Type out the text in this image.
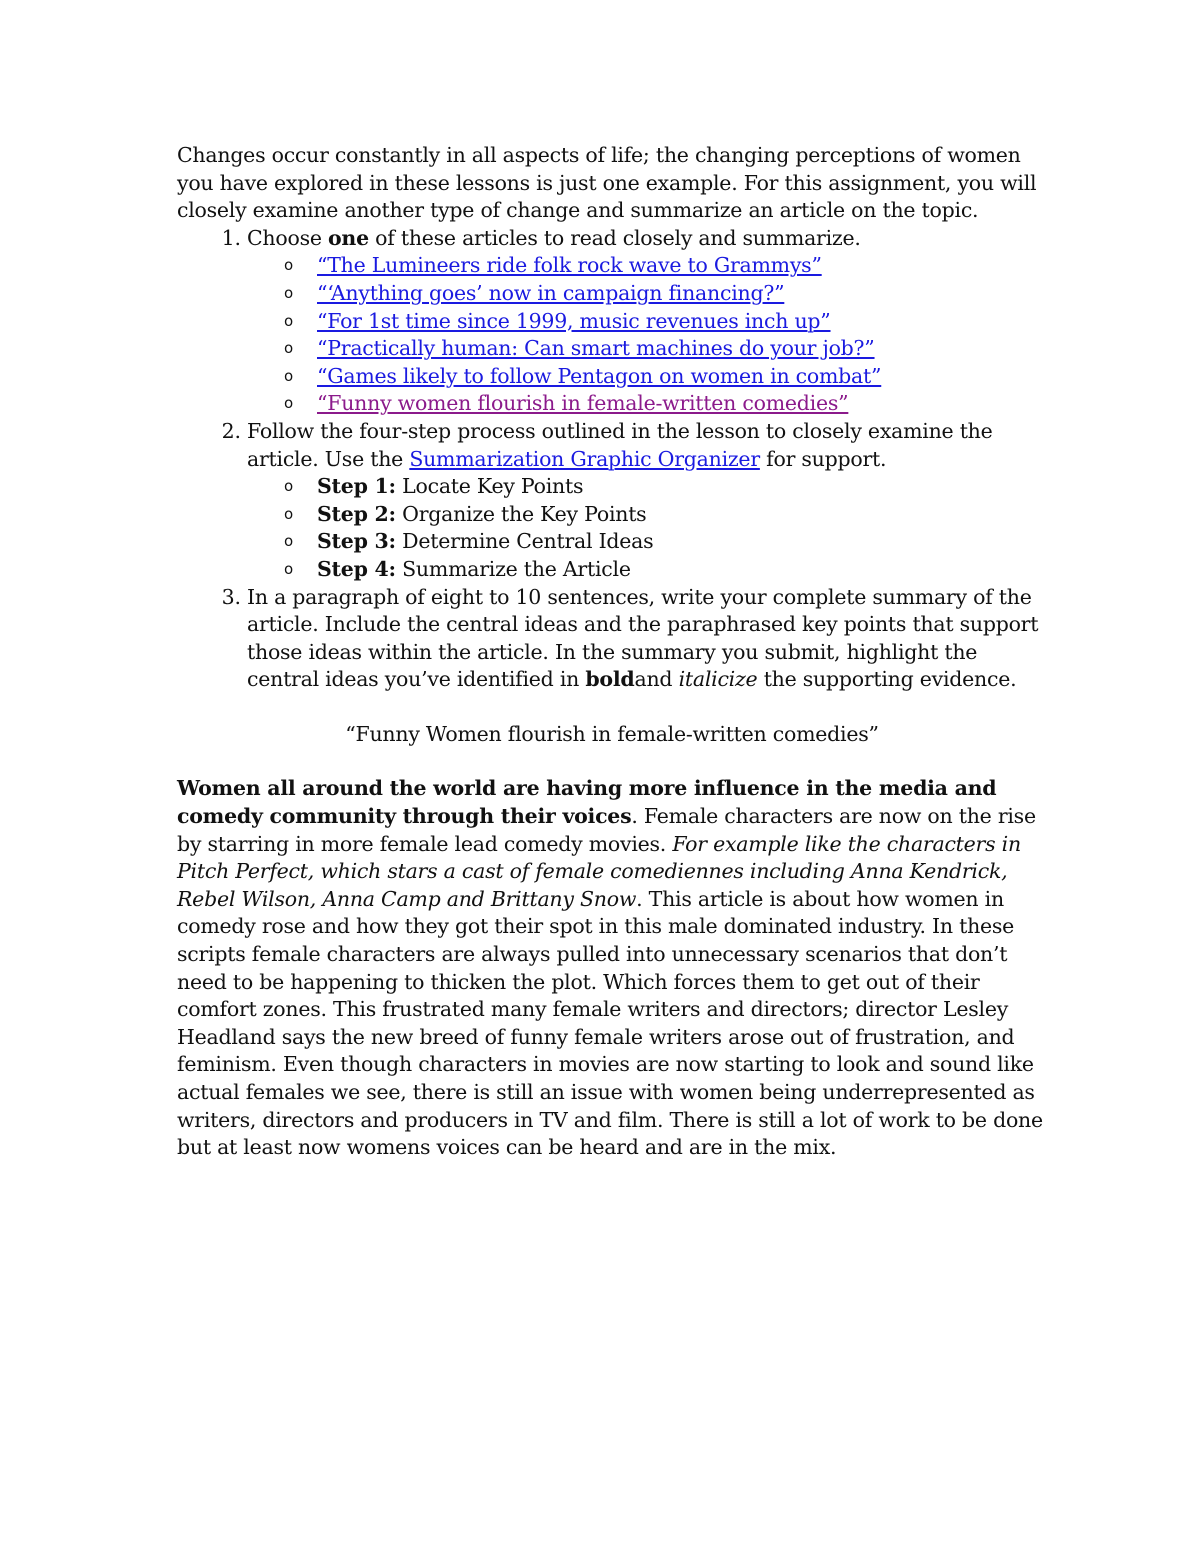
Changes occur constantly in all aspects of life; the changing perceptions of women you have explored in these lessons is just one example. For this assignment, you will closely examine another type of change and summarize an article on the topic.

1. Choose one of these articles to read closely and summarize.
o “The Lumineers ride folk rock wave to Grammys”
o “‘Anything goes’ now in campaign financing?”
o “For 1st time since 1999, music revenues inch up”
o “Practically human: Can smart machines do your job?”
o “Games likely to follow Pentagon on women in combat”
o “Funny women flourish in female-written comedies”
2. Follow the four-step process outlined in the lesson to closely examine the article. Use the Summarization Graphic Organizer for support.
o Step 1: Locate Key Points
o Step 2: Organize the Key Points
o Step 3: Determine Central Ideas
o Step 4: Summarize the Article
3. In a paragraph of eight to 10 sentences, write your complete summary of the article. Include the central ideas and the paraphrased key points that support those ideas within the article. In the summary you submit, highlight the central ideas you’ve identified in boldand italicize the supporting evidence.

“Funny Women flourish in female-written comedies”

Women all around the world are having more influence in the media and comedy community through their voices. Female characters are now on the rise by starring in more female lead comedy movies. For example like the characters in Pitch Perfect, which stars a cast of female comediennes including Anna Kendrick, Rebel Wilson, Anna Camp and Brittany Snow. This article is about how women in comedy rose and how they got their spot in this male dominated industry. In these scripts female characters are always pulled into unnecessary scenarios that don’t need to be happening to thicken the plot. Which forces them to get out of their comfort zones. This frustrated many female writers and directors; director Lesley Headland says the new breed of funny female writers arose out of frustration, and feminism. Even though characters in movies are now starting to look and sound like actual females we see, there is still an issue with women being underrepresented as writers, directors and producers in TV and film. There is still a lot of work to be done but at least now womens voices can be heard and are in the mix.
